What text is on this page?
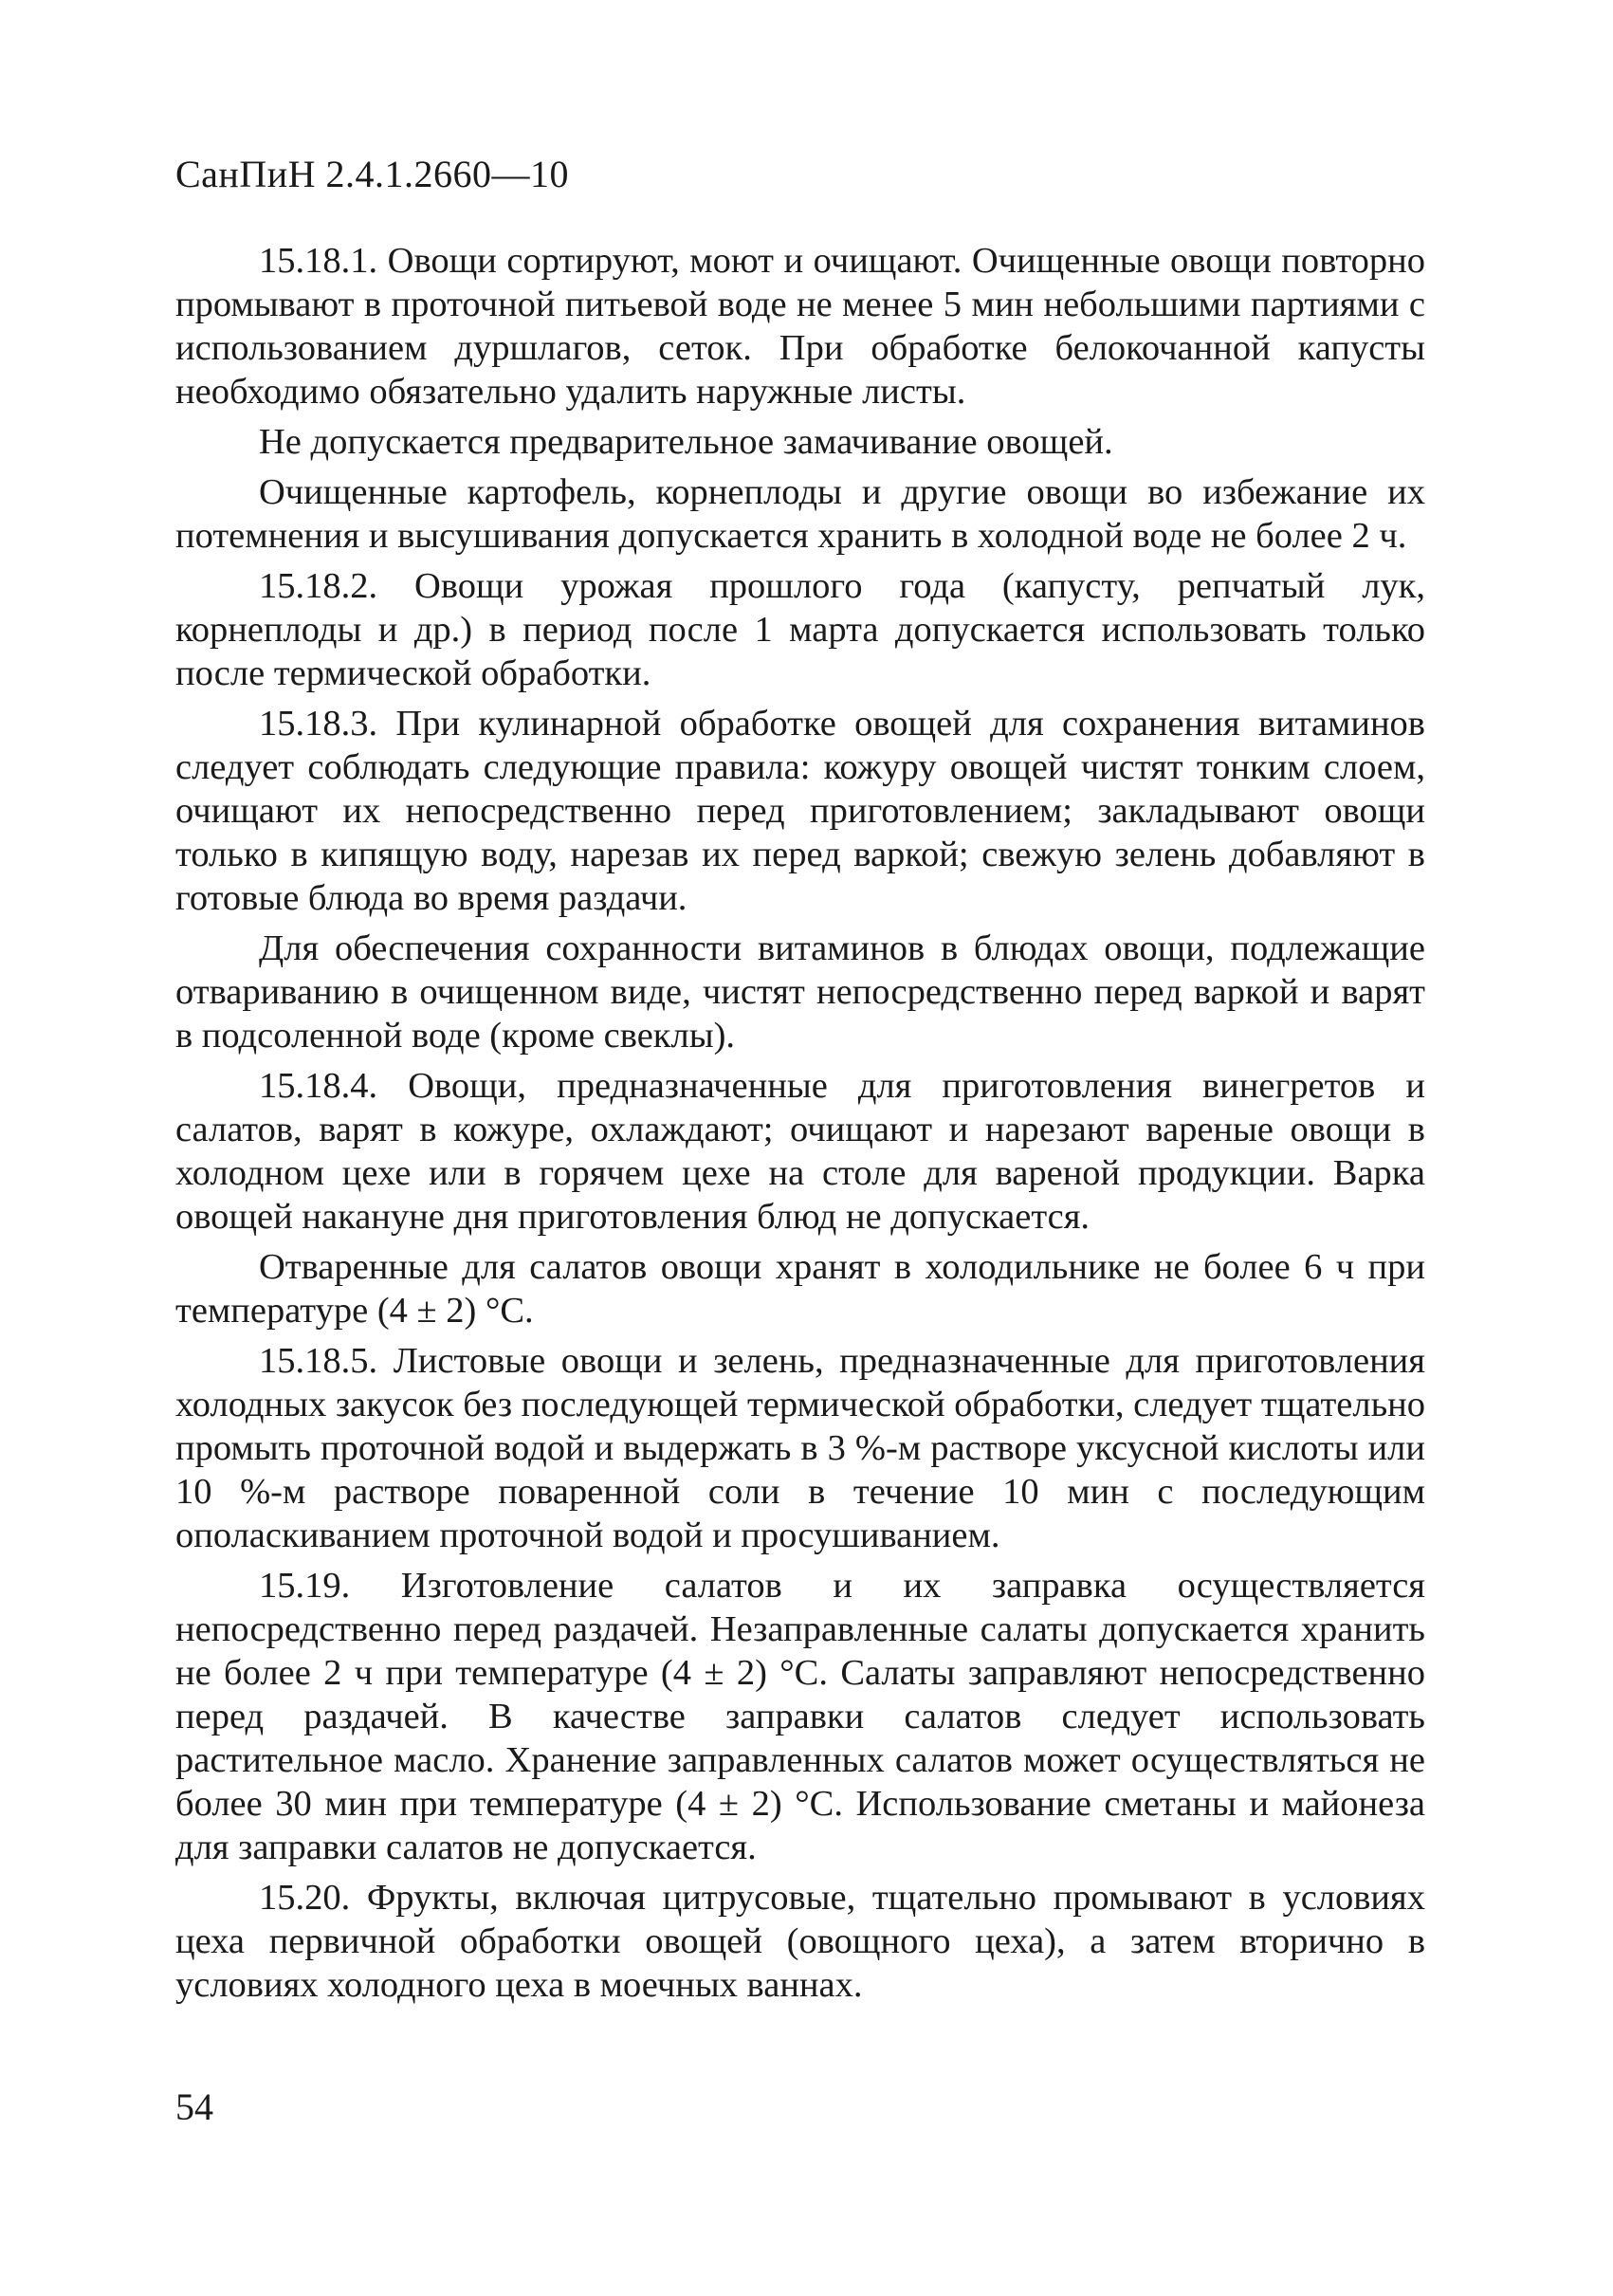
СанПиН 2.4.1.2660—10

15.18.1. Овощи сортируют, моют и очищают. Очищенные овощи повторно промывают в проточной питьевой воде не менее 5 мин небольшими партиями с использованием дуршлагов, сеток. При обработке белокочанной капусты необходимо обязательно удалить наружные листы.

Не допускается предварительное замачивание овощей.

Очищенные картофель, корнеплоды и другие овощи во избежание их потемнения и высушивания допускается хранить в холодной воде не более 2 ч.

15.18.2. Овощи урожая прошлого года (капусту, репчатый лук, корнеплоды и др.) в период после 1 марта допускается использовать только после термической обработки.

15.18.3. При кулинарной обработке овощей для сохранения витаминов следует соблюдать следующие правила: кожуру овощей чистят тонким слоем, очищают их непосредственно перед приготовлением; закладывают овощи только в кипящую воду, нарезав их перед варкой; свежую зелень добавляют в готовые блюда во время раздачи.

Для обеспечения сохранности витаминов в блюдах овощи, подлежащие отвариванию в очищенном виде, чистят непосредственно перед варкой и варят в подсоленной воде (кроме свеклы).

15.18.4. Овощи, предназначенные для приготовления винегретов и салатов, варят в кожуре, охлаждают; очищают и нарезают вареные овощи в холодном цехе или в горячем цехе на столе для вареной продукции. Варка овощей накануне дня приготовления блюд не допускается.

Отваренные для салатов овощи хранят в холодильнике не более 6 ч при температуре (4 ± 2) °С.

15.18.5. Листовые овощи и зелень, предназначенные для приготовления холодных закусок без последующей термической обработки, следует тщательно промыть проточной водой и выдержать в 3 %-м растворе уксусной кислоты или 10 %-м растворе поваренной соли в течение 10 мин с последующим ополаскиванием проточной водой и просушиванием.

15.19. Изготовление салатов и их заправка осуществляется непосредственно перед раздачей. Незаправленные салаты допускается хранить не более 2 ч при температуре (4 ± 2) °С. Салаты заправляют непосредственно перед раздачей. В качестве заправки салатов следует использовать растительное масло. Хранение заправленных салатов может осуществляться не более 30 мин при температуре (4 ± 2) °С. Использование сметаны и майонеза для заправки салатов не допускается.

15.20. Фрукты, включая цитрусовые, тщательно промывают в условиях цеха первичной обработки овощей (овощного цеха), а затем вторично в условиях холодного цеха в моечных ваннах.

54
